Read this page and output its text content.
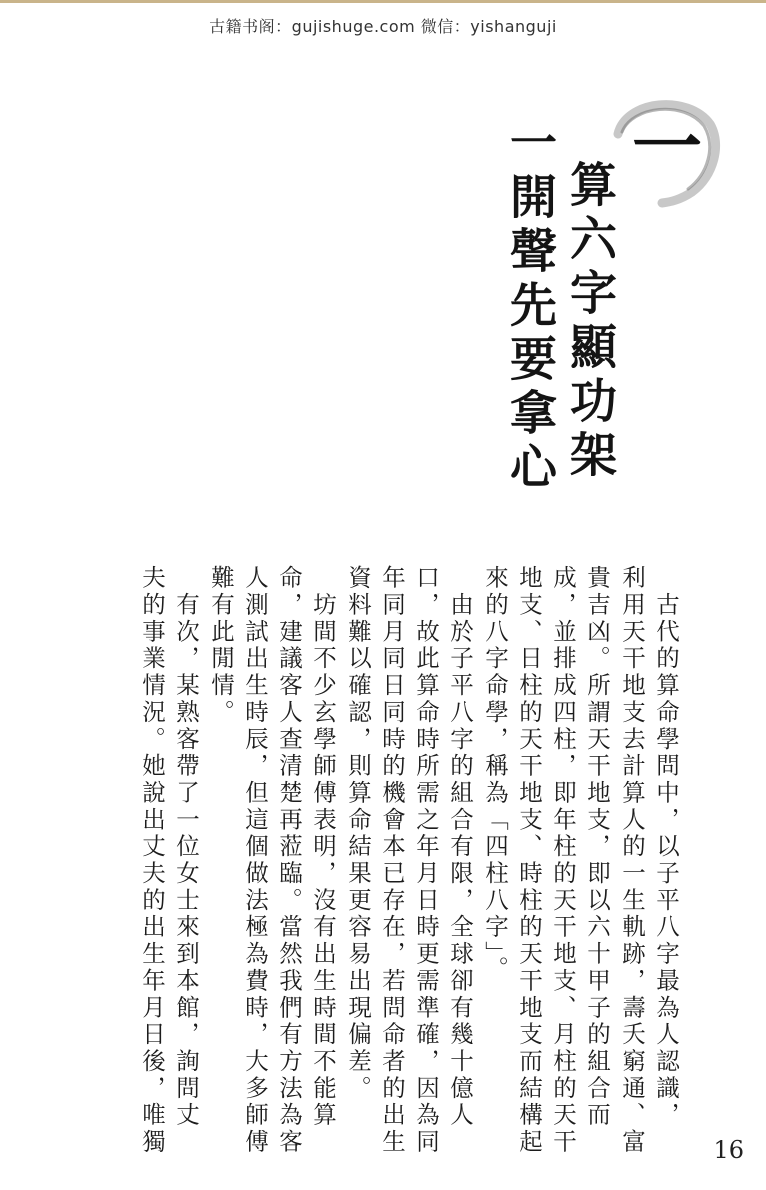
古籍书阁：gujishuge.com 微信：yishanguji
一
算六字顯功架
一開聲先要拿心
　古代的算命學問中，以子平八字最為人認識，
利用天干地支去計算人的一生軌跡，壽夭窮通、富
貴吉凶。所謂天干地支，即以六十甲子的組合而
成，並排成四柱，即年柱的天干地支、月柱的天干
地支、日柱的天干地支、時柱的天干地支而結構起
來的八字命學，稱為「四柱八字」。
　由於子平八字的組合有限，全球卻有幾十億人
口，故此算命時所需之年月日時更需準確，因為同
年同月同日同時的機會本已存在，若問命者的出生
資料難以確認，則算命結果更容易出現偏差。
　坊間不少玄學師傅表明，沒有出生時間不能算
命，建議客人查清楚再蒞臨。當然我們有方法為客
人測試出生時辰，但這個做法極為費時，大多師傅
難有此閒情。
　有次，某熟客帶了一位女士來到本館，詢問丈
夫的事業情況。她說出丈夫的出生年月日後，唯獨	16
